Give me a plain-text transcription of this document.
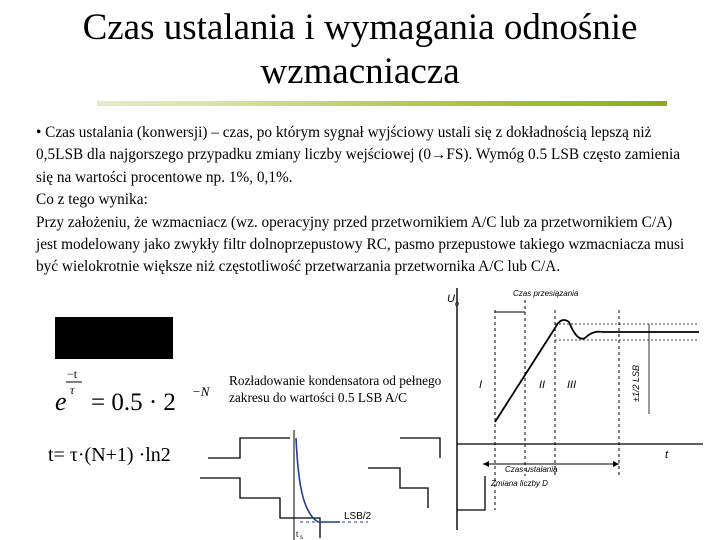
Czas ustalania i wymagania odnośnie wzmacniacza

• Czas ustalania (konwersji) – czas, po którym sygnał wyjściowy ustali się z dokładnością lepszą niż 0,5LSB dla najgorszego przypadku zmiany liczby wejściowej (0→FS). Wymóg 0.5 LSB często zamienia się na wartości procentowe np. 1%, 0,1%.

Co z tego wynika:

Przy założeniu, że wzmacniacz (wz. operacyjny przed przetwornikiem A/C lub za przetwornikiem C/A) jest modelowany jako zwykły filtr dolnoprzepustowy RC, pasmo przepustowe takiego wzmacniacza musi być wielokrotnie większe niż częstotliwość przetwarzania przetwornika A/C lub C/A.

−t
τ
e = 0.5 · 2 −N
Rozładowanie kondensatora od pełnego zakresu do wartości 0.5 LSB A/C
t= τ·(N+1) ·ln2
U o
t
Czas przesiązania
I	II III	±1/2 LSB
Czas ustalania
Zmiana liczby D
LSB/2
t s
